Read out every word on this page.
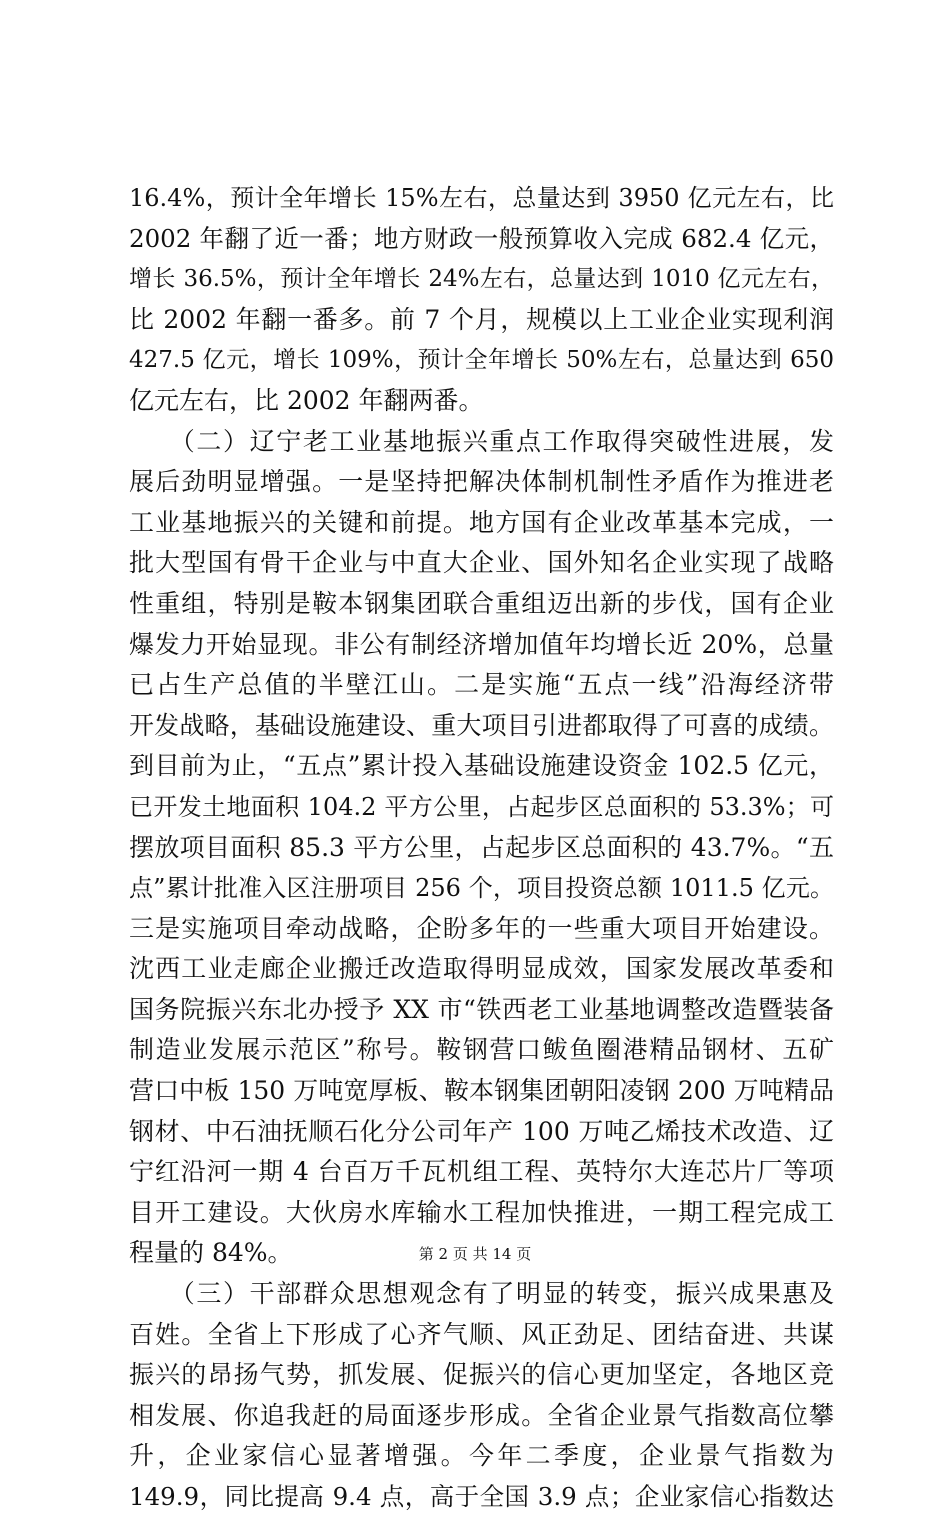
16.4%，预计全年增长 15%左右，总量达到 3950 亿元左右，比
2002 年翻了近一番；地方财政一般预算收入完成 682.4 亿元，
增长 36.5%，预计全年增长 24%左右，总量达到 1010 亿元左右，
比 2002 年翻一番多。前 7 个月，规模以上工业企业实现利润
427.5 亿元，增长 109%，预计全年增长 50%左右，总量达到 650
亿元左右，比 2002 年翻两番。
　　（二）辽宁老工业基地振兴重点工作取得突破性进展，发
展后劲明显增强。一是坚持把解决体制机制性矛盾作为推进老
工业基地振兴的关键和前提。地方国有企业改革基本完成，一
批大型国有骨干企业与中直大企业、国外知名企业实现了战略
性重组，特别是鞍本钢集团联合重组迈出新的步伐，国有企业
爆发力开始显现。非公有制经济增加值年均增长近 20%，总量
已占生产总值的半壁江山。二是实施“五点一线”沿海经济带
开发战略，基础设施建设、重大项目引进都取得了可喜的成绩。
到目前为止，“五点”累计投入基础设施建设资金 102.5 亿元，
已开发土地面积 104.2 平方公里，占起步区总面积的 53.3%；可
摆放项目面积 85.3 平方公里，占起步区总面积的 43.7%。“五
点”累计批准入区注册项目 256 个，项目投资总额 1011.5 亿元。
三是实施项目牵动战略，企盼多年的一些重大项目开始建设。
沈西工业走廊企业搬迁改造取得明显成效，国家发展改革委和
国务院振兴东北办授予 XX 市“铁西老工业基地调整改造暨装备
制造业发展示范区”称号。鞍钢营口鲅鱼圈港精品钢材、五矿
营口中板 150 万吨宽厚板、鞍本钢集团朝阳凌钢 200 万吨精品
钢材、中石油抚顺石化分公司年产 100 万吨乙烯技术改造、辽
宁红沿河一期 4 台百万千瓦机组工程、英特尔大连芯片厂等项
目开工建设。大伙房水库输水工程加快推进，一期工程完成工
程量的 84%。
　　（三）干部群众思想观念有了明显的转变，振兴成果惠及
百姓。全省上下形成了心齐气顺、风正劲足、团结奋进、共谋
振兴的昂扬气势，抓发展、促振兴的信心更加坚定，各地区竞
相发展、你追我赶的局面逐步形成。全省企业景气指数高位攀
升，企业家信心显著增强。今年二季度，企业景气指数为
149.9，同比提高 9.4 点，高于全国 3.9 点；企业家信心指数达
第 2 页 共 14 页
